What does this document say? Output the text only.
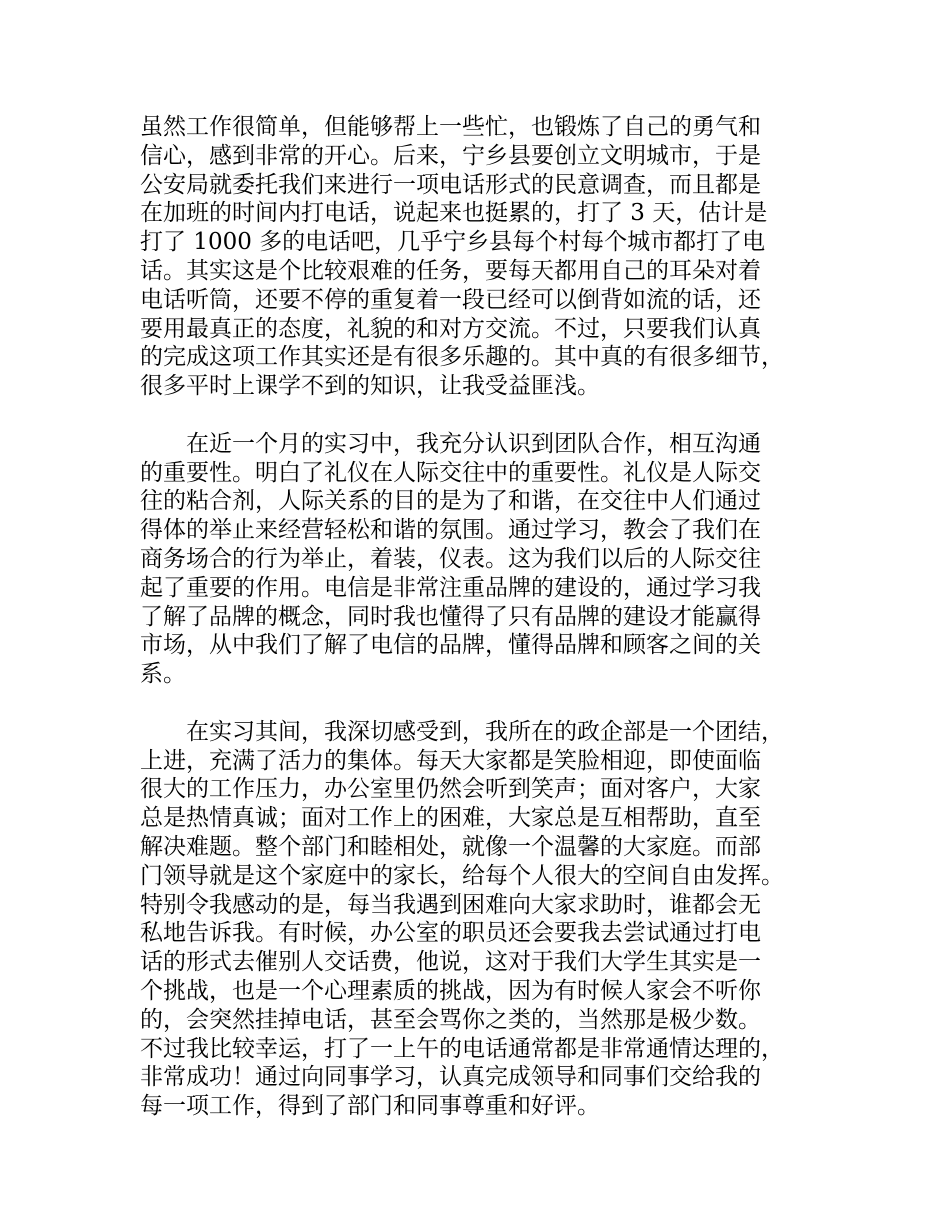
虽然工作很简单，但能够帮上一些忙，也锻炼了自己的勇气和
信心，感到非常的开心。后来，宁乡县要创立文明城市，于是
公安局就委托我们来进行一项电话形式的民意调查，而且都是
在加班的时间内打电话，说起来也挺累的，打了 3 天，估计是
打了 1000 多的电话吧，几乎宁乡县每个村每个城市都打了电
话。其实这是个比较艰难的任务，要每天都用自己的耳朵对着
电话听筒，还要不停的重复着一段已经可以倒背如流的话，还
要用最真正的态度，礼貌的和对方交流。不过，只要我们认真
的完成这项工作其实还是有很多乐趣的。其中真的有很多细节，
很多平时上课学不到的知识，让我受益匪浅。
　　在近一个月的实习中，我充分认识到团队合作，相互沟通
的重要性。明白了礼仪在人际交往中的重要性。礼仪是人际交
往的粘合剂，人际关系的目的是为了和谐，在交往中人们通过
得体的举止来经营轻松和谐的氛围。通过学习，教会了我们在
商务场合的行为举止，着装，仪表。这为我们以后的人际交往
起了重要的作用。电信是非常注重品牌的建设的，通过学习我
了解了品牌的概念，同时我也懂得了只有品牌的建设才能赢得
市场，从中我们了解了电信的品牌，懂得品牌和顾客之间的关
系。
　　在实习其间，我深切感受到，我所在的政企部是一个团结，
上进，充满了活力的集体。每天大家都是笑脸相迎，即使面临
很大的工作压力，办公室里仍然会听到笑声；面对客户，大家
总是热情真诚；面对工作上的困难，大家总是互相帮助，直至
解决难题。整个部门和睦相处，就像一个温馨的大家庭。而部
门领导就是这个家庭中的家长，给每个人很大的空间自由发挥。
特别令我感动的是，每当我遇到困难向大家求助时，谁都会无
私地告诉我。有时候，办公室的职员还会要我去尝试通过打电
话的形式去催别人交话费，他说，这对于我们大学生其实是一
个挑战，也是一个心理素质的挑战，因为有时候人家会不听你
的，会突然挂掉电话，甚至会骂你之类的，当然那是极少数。
不过我比较幸运，打了一上午的电话通常都是非常通情达理的，
非常成功！通过向同事学习，认真完成领导和同事们交给我的
每一项工作，得到了部门和同事尊重和好评。
